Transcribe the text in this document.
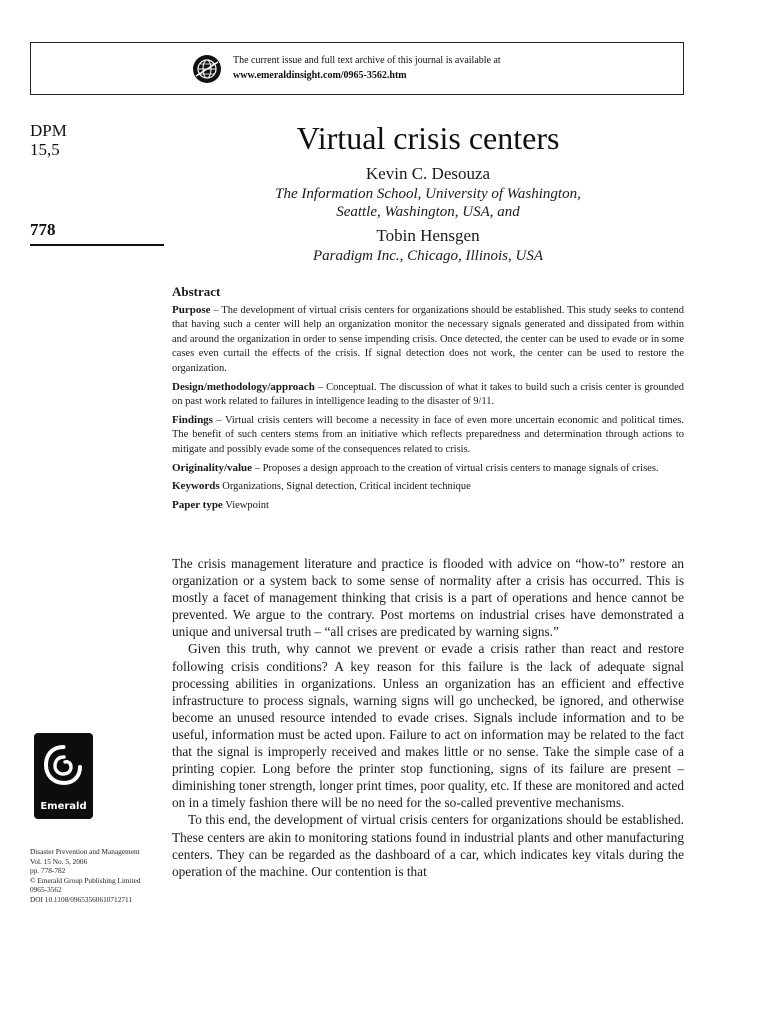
The current issue and full text archive of this journal is available at
www.emeraldinsight.com/0965-3562.htm
DPM
15,5
778
Virtual crisis centers
Kevin C. Desouza
The Information School, University of Washington,
Seattle, Washington, USA, and
Tobin Hensgen
Paradigm Inc., Chicago, Illinois, USA
Abstract

Purpose – The development of virtual crisis centers for organizations should be established. This study seeks to contend that having such a center will help an organization monitor the necessary signals generated and dissipated from within and around the organization in order to sense impending crisis. Once detected, the center can be used to evade or in some cases even curtail the effects of the crisis. If signal detection does not work, the center can be used to restore the organization.

Design/methodology/approach – Conceptual. The discussion of what it takes to build such a crisis center is grounded on past work related to failures in intelligence leading to the disaster of 9/11.

Findings – Virtual crisis centers will become a necessity in face of even more uncertain economic and political times. The benefit of such centers stems from an initiative which reflects preparedness and determination through actions to mitigate and possibly evade some of the consequences related to crisis.

Originality/value – Proposes a design approach to the creation of virtual crisis centers to manage signals of crises.

Keywords Organizations, Signal detection, Critical incident technique

Paper type Viewpoint

The crisis management literature and practice is flooded with advice on “how-to” restore an organization or a system back to some sense of normality after a crisis has occurred. This is mostly a facet of management thinking that crisis is a part of operations and hence cannot be prevented. We argue to the contrary. Post mortems on industrial crises have demonstrated a unique and universal truth – “all crises are predicated by warning signs.”

Given this truth, why cannot we prevent or evade a crisis rather than react and restore following crisis conditions? A key reason for this failure is the lack of adequate signal processing abilities in organizations. Unless an organization has an efficient and effective infrastructure to process signals, warning signs will go unchecked, be ignored, and otherwise become an unused resource intended to evade crises. Signals include information and to be useful, information must be acted upon. Failure to act on information may be related to the fact that the signal is improperly received and makes little or no sense. Take the simple case of a printing copier. Long before the printer stop functioning, signs of its failure are present – diminishing toner strength, longer print times, poor quality, etc. If these are monitored and acted on in a timely fashion there will be no need for the so-called preventive mechanisms.

To this end, the development of virtual crisis centers for organizations should be established. These centers are akin to monitoring stations found in industrial plants and other manufacturing centers. They can be regarded as the dashboard of a car, which indicates key vitals during the operation of the machine. Our contention is that

Emerald
Disaster Prevention and Management
Vol. 15 No. 5, 2006
pp. 778-782
© Emerald Group Publishing Limited
0965-3562
DOI 10.1108/09653560610712711
